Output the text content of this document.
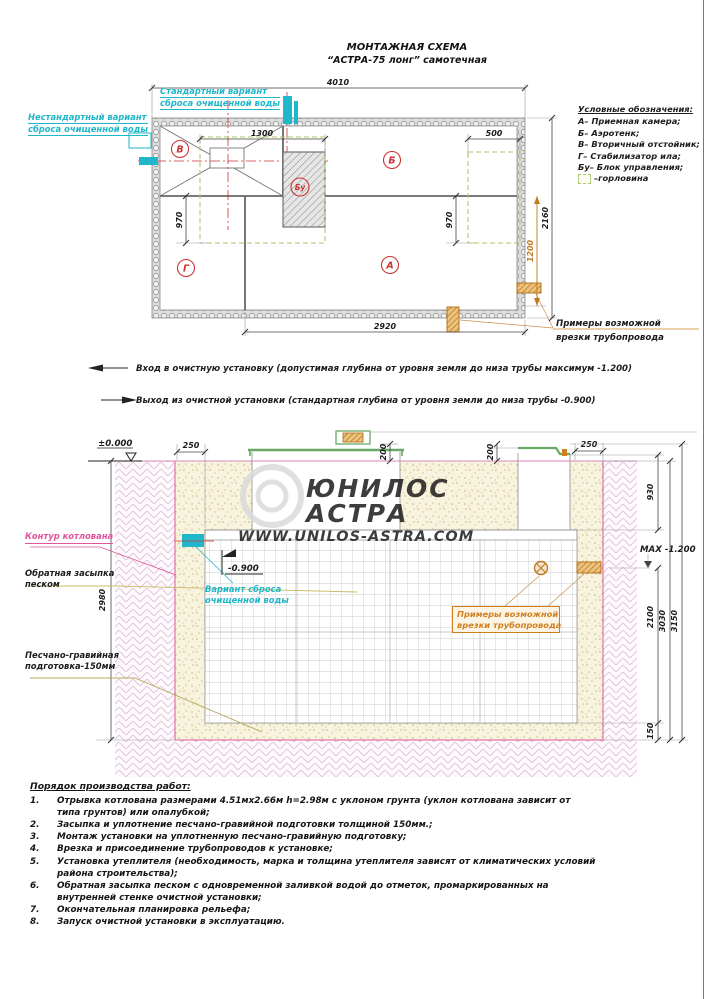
В
Б
Г	А
Бу
4010
1300	500
970	970
1200
2160
2920	Примеры возможной
врезки трубопровода
Вход в очистную установку (допустимая глубина от уровня земли до низа трубы максимум -1.200)
Выход из очистной установки (стандартная глубина от уровня земли до низа трубы -0.900)
ЮНИЛОС
АСТРА
WWW.UNILOS-ASTRA.COM
-0.900
MAX -1.200
±0.000
2980
250	200	200	250
930
2100
150
3030 3150
МОНТАЖНАЯ СХЕМА
“АСТРА-75 лонг” самотечная
Стандартный вариант
сброса очищенной воды
Нестандартный вариант
сброса очищенной воды
Условные обозначения:
А– Приемная камера;
Б– Аэротенк;
В– Вторичный отстойник;
Г– Стабилизатор ила;
Бу– Блок управления;
–горловина
Контур котлована
Обратная засыпка
песком
Песчано-гравийная
подготовка-150мм
Вариант сброса
очищенной воды
Примеры возможной
врезки трубопровода
Порядок производства работ:
1.	Отрывка котлована размерами 4.51мх2.66м h=2.98м с уклоном грунта (уклон котлована зависит от типа грунтов) или опалубкой;
2.	Засыпка и уплотнение песчано-гравийной подготовки толщиной 150мм.;
3.	Монтаж установки на уплотненную песчано-гравийную подготовку;
4.	Врезка и присоединение трубопроводов к установке;
5.	Установка утеплителя (необходимость, марка и толщина утеплителя зависят от климатических условий района строительства);
6.	Обратная засыпка песком с одновременной заливкой водой до отметок, промаркированных на внутренней стенке очистной установки;
7.	Окончательная планировка рельефа;
8.	Запуск очистной установки в эксплуатацию.
